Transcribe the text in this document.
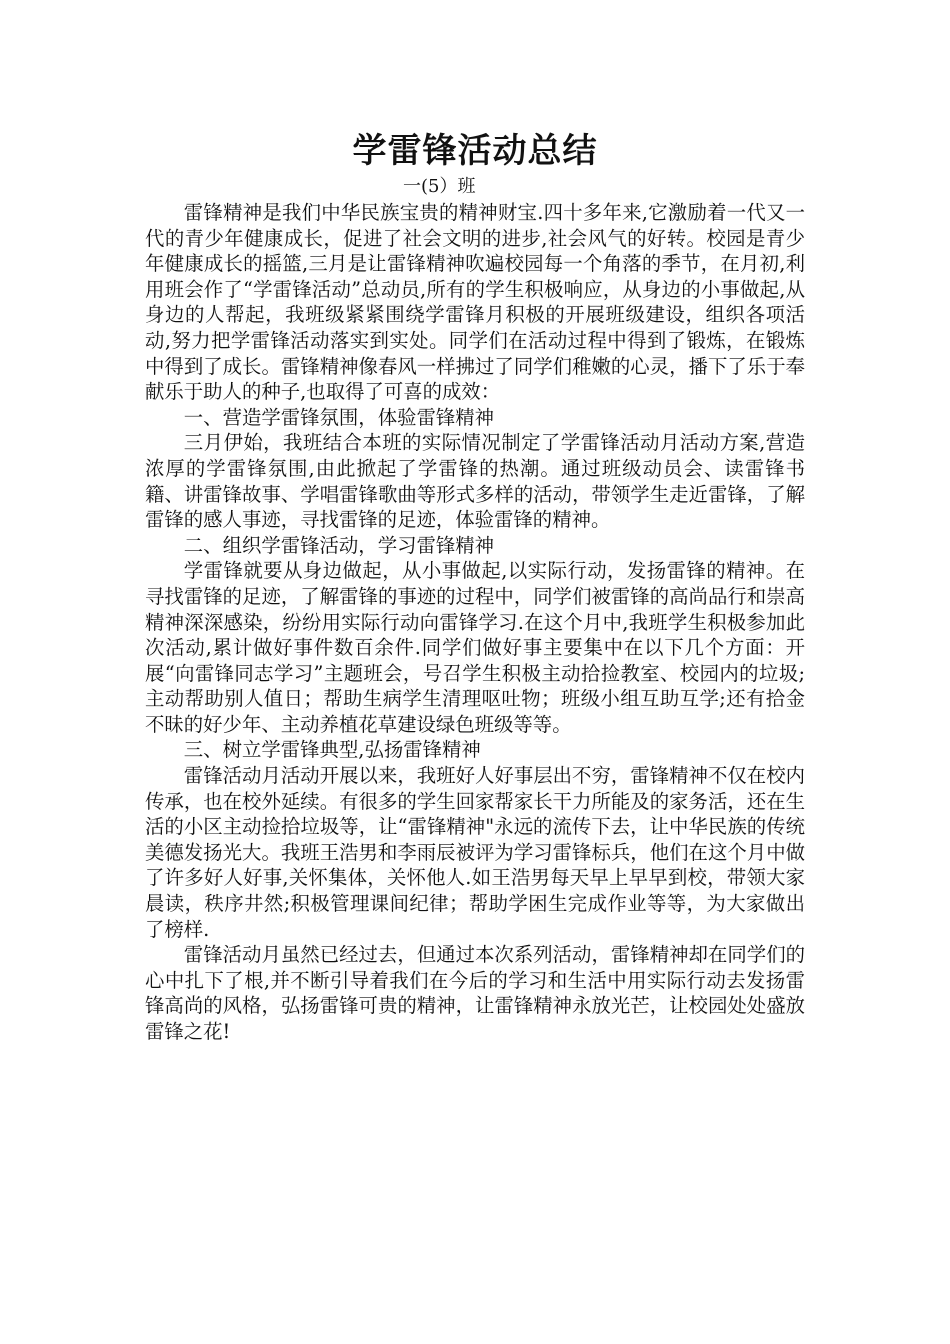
学雷锋活动总结

一(5）班

雷锋精神是我们中华民族宝贵的精神财宝.四十多年来,它激励着一代又一代的青少年健康成长，促进了社会文明的进步,社会风气的好转。校园是青少年健康成长的摇篮,三月是让雷锋精神吹遍校园每一个角落的季节，在月初,利用班会作了“学雷锋活动”总动员,所有的学生积极响应，从身边的小事做起,从身边的人帮起，我班级紧紧围绕学雷锋月积极的开展班级建设，组织各项活动,努力把学雷锋活动落实到实处。同学们在活动过程中得到了锻炼，在锻炼中得到了成长。雷锋精神像春风一样拂过了同学们稚嫩的心灵，播下了乐于奉献乐于助人的种子,也取得了可喜的成效：

一、营造学雷锋氛围，体验雷锋精神

三月伊始，我班结合本班的实际情况制定了学雷锋活动月活动方案,营造浓厚的学雷锋氛围,由此掀起了学雷锋的热潮。通过班级动员会、读雷锋书籍、讲雷锋故事、学唱雷锋歌曲等形式多样的活动，带领学生走近雷锋，了解雷锋的感人事迹，寻找雷锋的足迹，体验雷锋的精神。

二、组织学雷锋活动，学习雷锋精神

学雷锋就要从身边做起，从小事做起,以实际行动，发扬雷锋的精神。在寻找雷锋的足迹，了解雷锋的事迹的过程中，同学们被雷锋的高尚品行和崇高精神深深感染，纷纷用实际行动向雷锋学习.在这个月中,我班学生积极参加此次活动,累计做好事件数百余件.同学们做好事主要集中在以下几个方面：开展“向雷锋同志学习”主题班会，号召学生积极主动拾捡教室、校园内的垃圾;主动帮助别人值日；帮助生病学生清理呕吐物；班级小组互助互学;还有拾金不昧的好少年、主动养植花草建设绿色班级等等。

三、树立学雷锋典型,弘扬雷锋精神

雷锋活动月活动开展以来，我班好人好事层出不穷，雷锋精神不仅在校内传承，也在校外延续。有很多的学生回家帮家长干力所能及的家务活，还在生活的小区主动捡拾垃圾等，让“雷锋精神"永远的流传下去，让中华民族的传统美德发扬光大。我班王浩男和李雨辰被评为学习雷锋标兵，他们在这个月中做了许多好人好事,关怀集体，关怀他人.如王浩男每天早上早早到校，带领大家晨读，秩序井然;积极管理课间纪律；帮助学困生完成作业等等，为大家做出了榜样.

雷锋活动月虽然已经过去，但通过本次系列活动，雷锋精神却在同学们的心中扎下了根,并不断引导着我们在今后的学习和生活中用实际行动去发扬雷锋高尚的风格，弘扬雷锋可贵的精神，让雷锋精神永放光芒，让校园处处盛放雷锋之花!
